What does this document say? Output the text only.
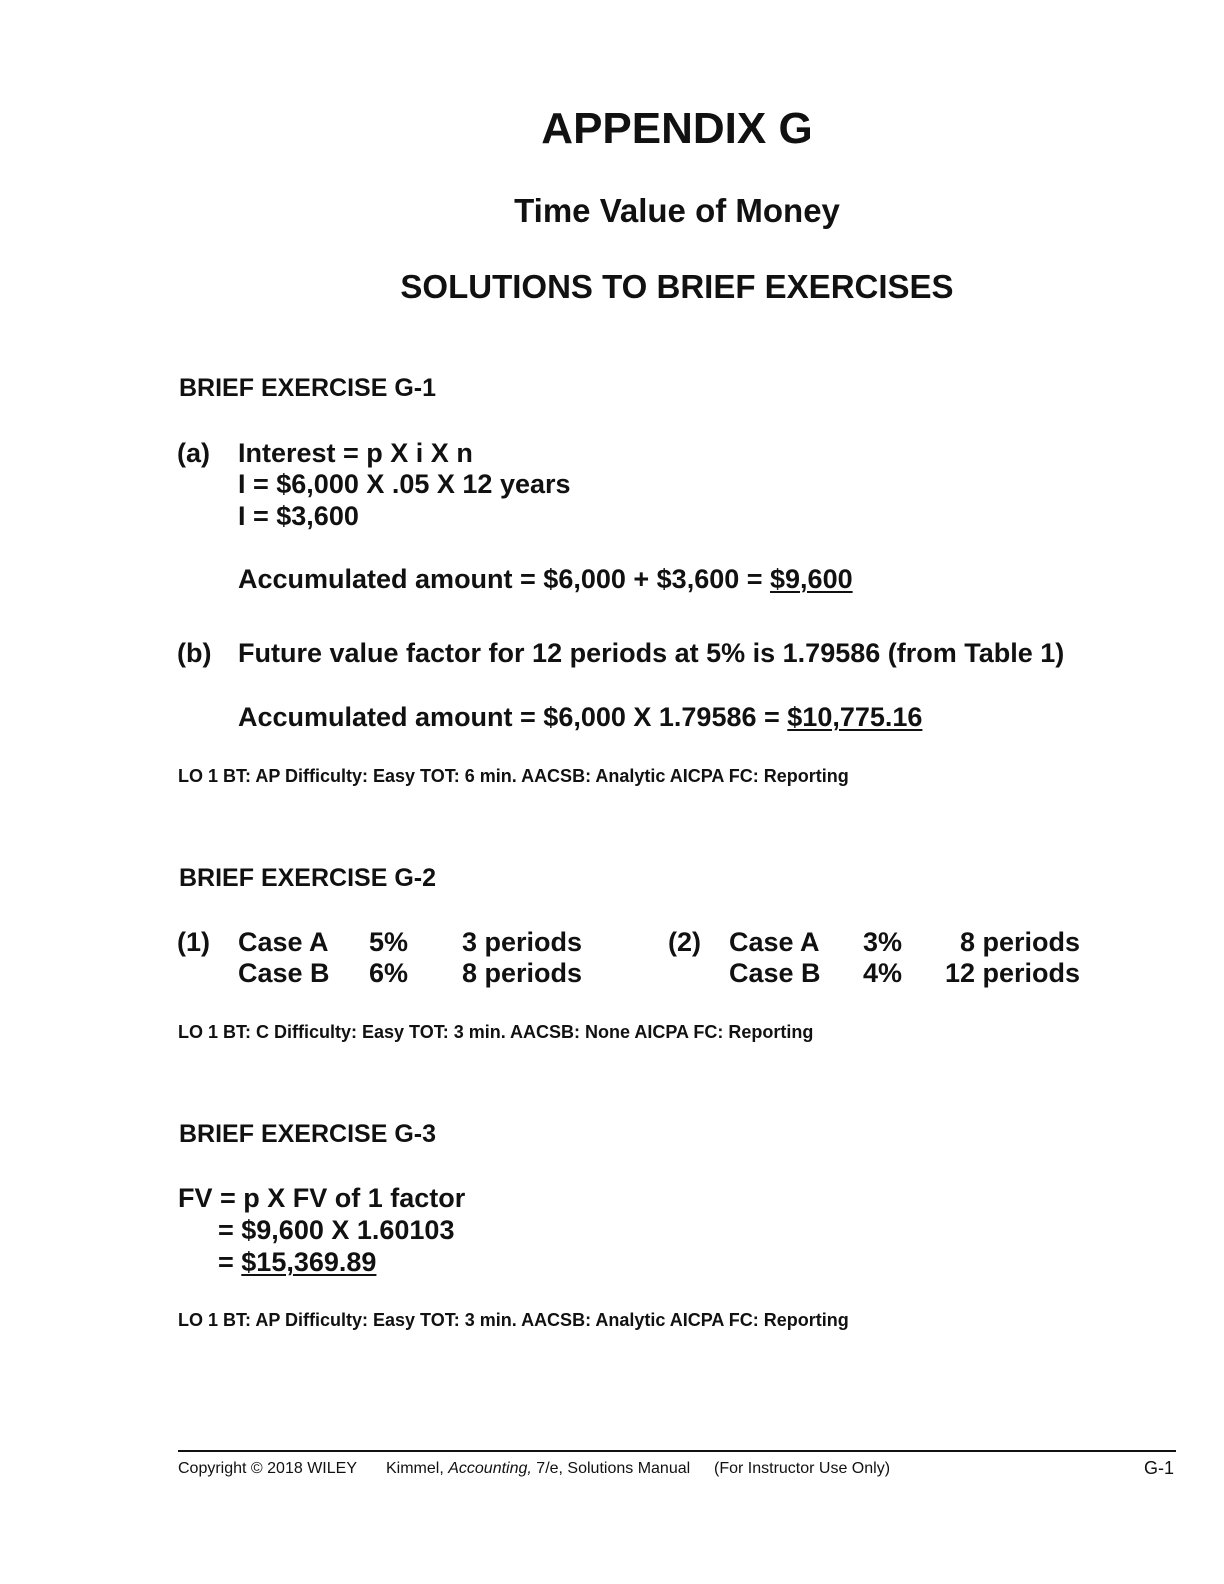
APPENDIX G
Time Value of Money
SOLUTIONS TO BRIEF EXERCISES
BRIEF EXERCISE G-1
(a) Interest = p X i X n
I = $6,000 X .05 X 12 years
I = $3,600
Accumulated amount = $6,000 + $3,600 = $9,600
(b) Future value factor for 12 periods at 5% is 1.79586 (from Table 1)
Accumulated amount = $6,000 X 1.79586 = $10,775.16
LO 1 BT: AP Difficulty: Easy TOT: 6 min. AACSB: Analytic AICPA FC: Reporting
BRIEF EXERCISE G-2
(1) Case A 5% 3 periods
Case B 6% 8 periods
(2) Case A 3% 8 periods
Case B 4% 12 periods
LO 1 BT: C Difficulty: Easy TOT: 3 min. AACSB: None AICPA FC: Reporting
BRIEF EXERCISE G-3
FV = p X FV of 1 factor
= $9,600 X 1.60103
= $15,369.89
LO 1 BT: AP Difficulty: Easy TOT: 3 min. AACSB: Analytic AICPA FC: Reporting
Copyright © 2018 WILEY Kimmel, Accounting, 7/e, Solutions Manual (For Instructor Use Only)	G-1
